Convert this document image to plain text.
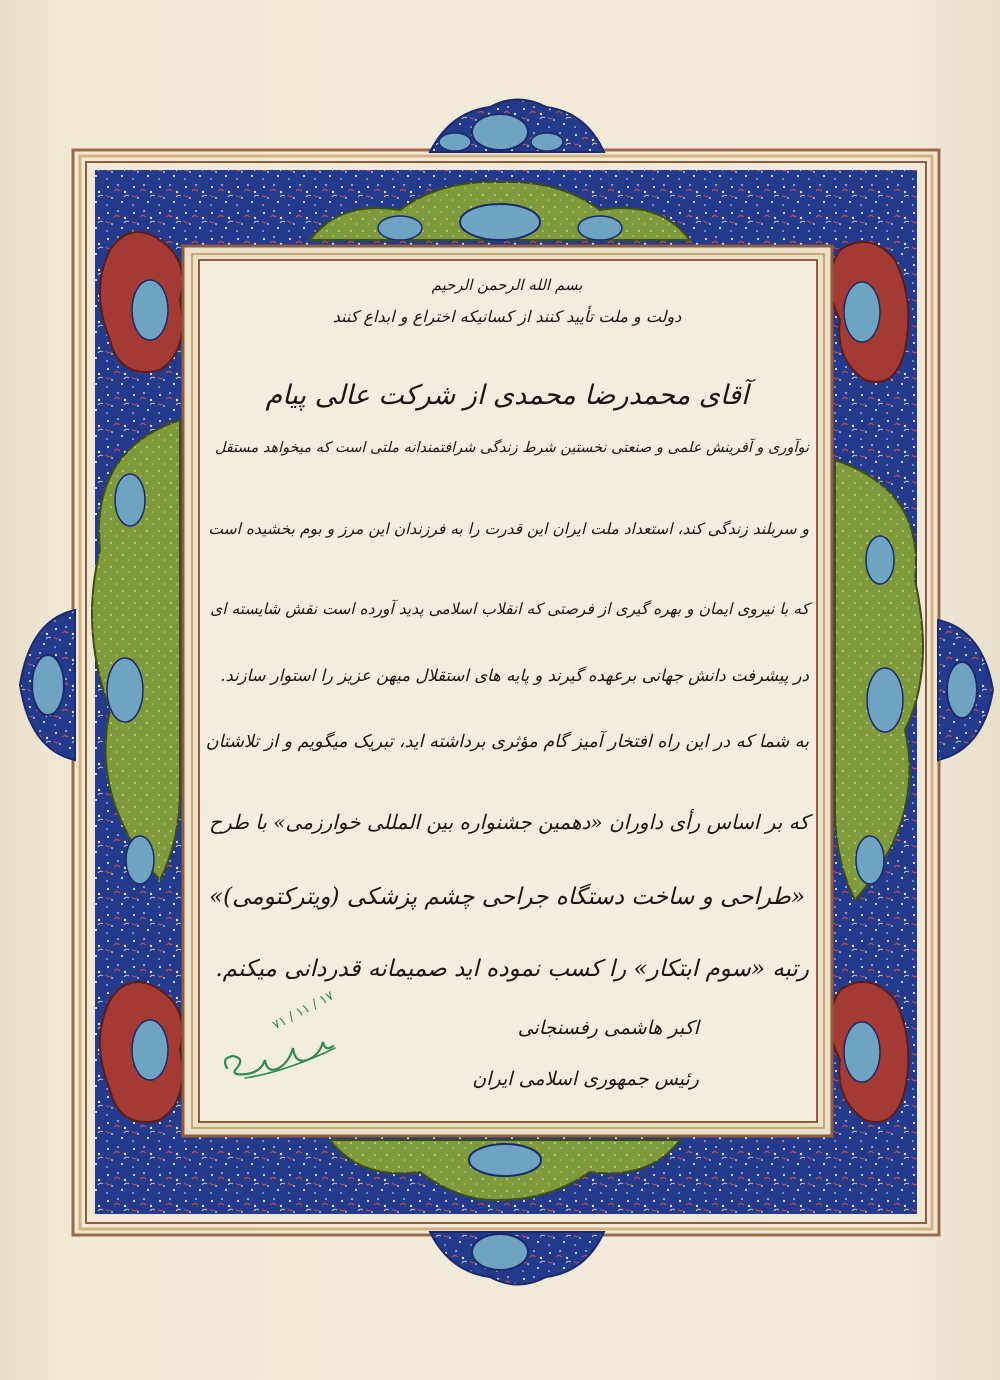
بسم الله الرحمن الرحیم
دولت و ملت تأیید کنند از کسانیکه اختراع و ابداع کنند
آقای محمدرضا محمدی از شرکت عالی پیام
نوآوری و آفرینش علمی و صنعتی نخستین شرط زندگی شرافتمندانه ملتی است که میخواهد مستقل
و سربلند زندگی کند، استعداد ملت ایران این قدرت را به فرزندان این مرز و بوم بخشیده است
که با نیروی ایمان و بهره گیری از فرصتی که انقلاب اسلامی پدید آورده است نقش شایسته ای
در پیشرفت دانش جهانی برعهده گیرند و پایه های استقلال میهن عزیز را استوار سازند.
به شما که در این راه افتخار آمیز گام مؤثری برداشته اید، تبریک میگویم و از تلاشتان
که بر اساس رأی داوران «دهمین جشنواره بین المللی خوارزمی» با طرح
«طراحی و ساخت دستگاه جراحی چشم پزشکی (ویترکتومی)»
رتبه «سوم ابتکار» را کسب نموده اید صمیمانه قدردانی میکنم.
اکبر هاشمی رفسنجانی
رئیس جمهوری اسلامی ایران
۱۷ / ۱۱ / ۷۱
